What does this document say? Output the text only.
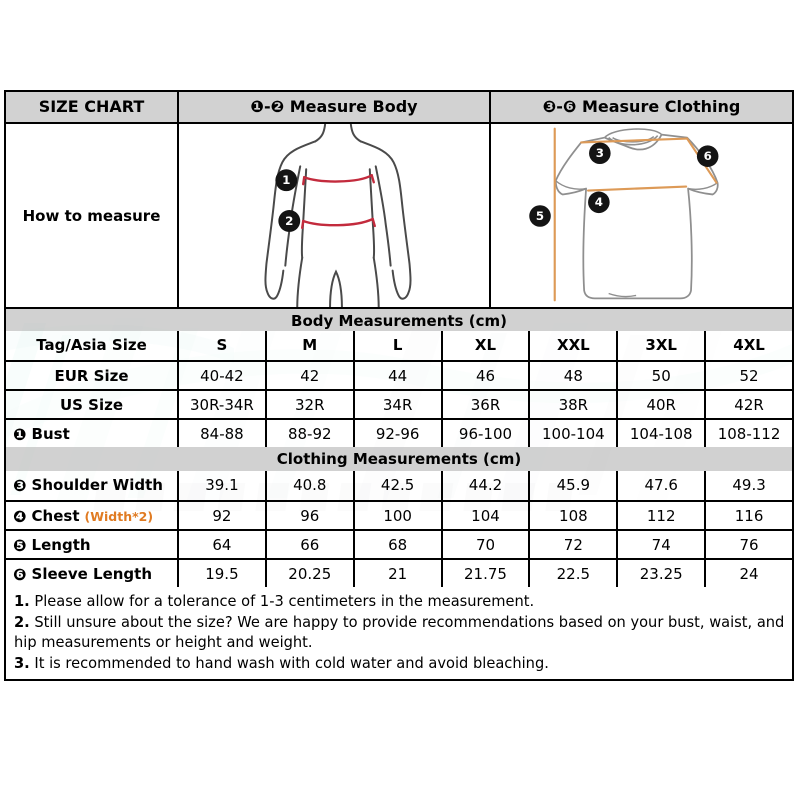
SIZE CHART	❶-❷ Measure Body	❸-❻ Measure Clothing
How to measure
1
2
3
4
5
6
Body Measurements (cm)
Tag/Asia Size	S	M	L	XL	XXL	3XL	4XL
EUR Size	40-42	42	44	46	48	50	52
US Size	30R-34R	32R	34R	36R	38R	40R	42R
❶ Bust	84-88	88-92	92-96	96-100	100-104	104-108	108-112
Clothing Measurements (cm)
❸ Shoulder Width	39.1	40.8	42.5	44.2	45.9	47.6	49.3
❹ Chest (Width*2)	92	96	100	104	108	112	116
❺ Length	64	66	68	70	72	74	76
❻ Sleeve Length	19.5	20.25	21	21.75	22.5	23.25	24

1. Please allow for a tolerance of 1-3 centimeters in the measurement.

2. Still unsure about the size? We are happy to provide recommendations based on your bust, waist, and hip measurements or height and weight.

3. It is recommended to hand wash with cold water and avoid bleaching.
